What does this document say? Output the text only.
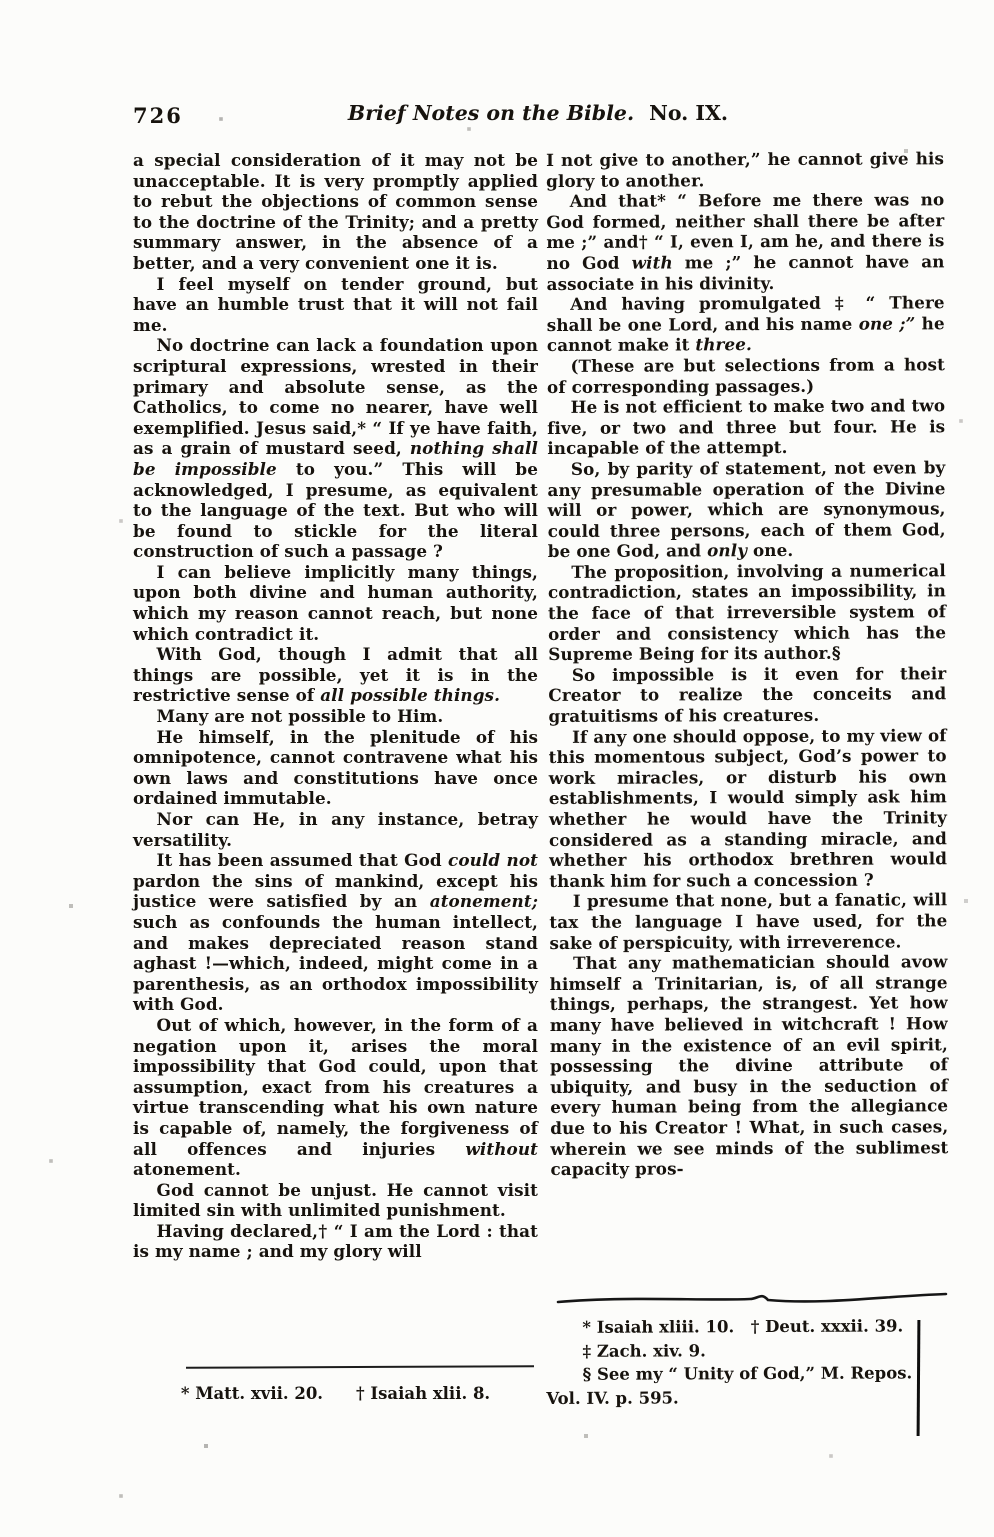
726	Brief Notes on the Bible. No. IX.

a special consideration of it may not be unacceptable. It is very promptly applied to rebut the objections of common sense to the doctrine of the Trinity; and a pretty summary answer, in the absence of a better, and a very convenient one it is.

I feel myself on tender ground, but have an humble trust that it will not fail me.

No doctrine can lack a foundation upon scriptural expressions, wrested in their primary and absolute sense, as the Catholics, to come no nearer, have well exemplified. Jesus said,* “ If ye have faith, as a grain of mustard seed, nothing shall be impossible to you.” This will be acknowledged, I presume, as equivalent to the language of the text. But who will be found to stickle for the literal construction of such a passage ?

I can believe implicitly many things, upon both divine and human authority, which my reason cannot reach, but none which contradict it.

With God, though I admit that all things are possible, yet it is in the restrictive sense of all possible things.

Many are not possible to Him.

He himself, in the plenitude of his omnipotence, cannot contravene what his own laws and constitutions have once ordained immutable.

Nor can He, in any instance, betray versatility.

It has been assumed that God could not pardon the sins of mankind, except his justice were satisfied by an atonement; such as confounds the human intellect, and makes depreciated reason stand aghast !—which, indeed, might come in a parenthesis, as an orthodox impossibility with God.

Out of which, however, in the form of a negation upon it, arises the moral impossibility that God could, upon that assumption, exact from his creatures a virtue transcending what his own nature is capable of, namely, the forgiveness of all offences and injuries without atonement.

God cannot be unjust. He cannot visit limited sin with unlimited punishment.

Having declared,† “ I am the Lord : that is my name ; and my glory will

I not give to another,” he cannot give his glory to another.

And that* “ Before me there was no God formed, neither shall there be after me ;” and† “ I, even I, am he, and there is no God with me ;” he cannot have an associate in his divinity.

And having promulgated ‡ “ There shall be one Lord, and his name one ;” he cannot make it three.

(These are but selections from a host of corresponding passages.)

He is not efficient to make two and two five, or two and three but four. He is incapable of the attempt.

So, by parity of statement, not even by any presumable operation of the Divine will or power, which are synonymous, could three persons, each of them God, be one God, and only one.

The proposition, involving a numerical contradiction, states an impossibility, in the face of that irreversible system of order and consistency which has the Supreme Being for its author.§

So impossible is it even for their Creator to realize the conceits and gratuitisms of his creatures.

If any one should oppose, to my view of this momentous subject, God’s power to work miracles, or disturb his own establishments, I would simply ask him whether he would have the Trinity considered as a standing miracle, and whether his orthodox brethren would thank him for such a concession ?

I presume that none, but a fanatic, will tax the language I have used, for the sake of perspicuity, with irreverence.

That any mathematician should avow himself a Trinitarian, is, of all strange things, perhaps, the strangest. Yet how many have believed in witchcraft ! How many in the existence of an evil spirit, possessing the divine attribute of ubiquity, and busy in the seduction of every human being from the allegiance due to his Creator ! What, in such cases, wherein we see minds of the sublimest capacity pros-

* Matt. xvii. 20.  † Isaiah xlii. 8.
* Isaiah xliii. 10. † Deut. xxxii. 39.
‡ Zach. xiv. 9.
§ See my “ Unity of God,” M. Repos.
Vol. IV. p. 595.
